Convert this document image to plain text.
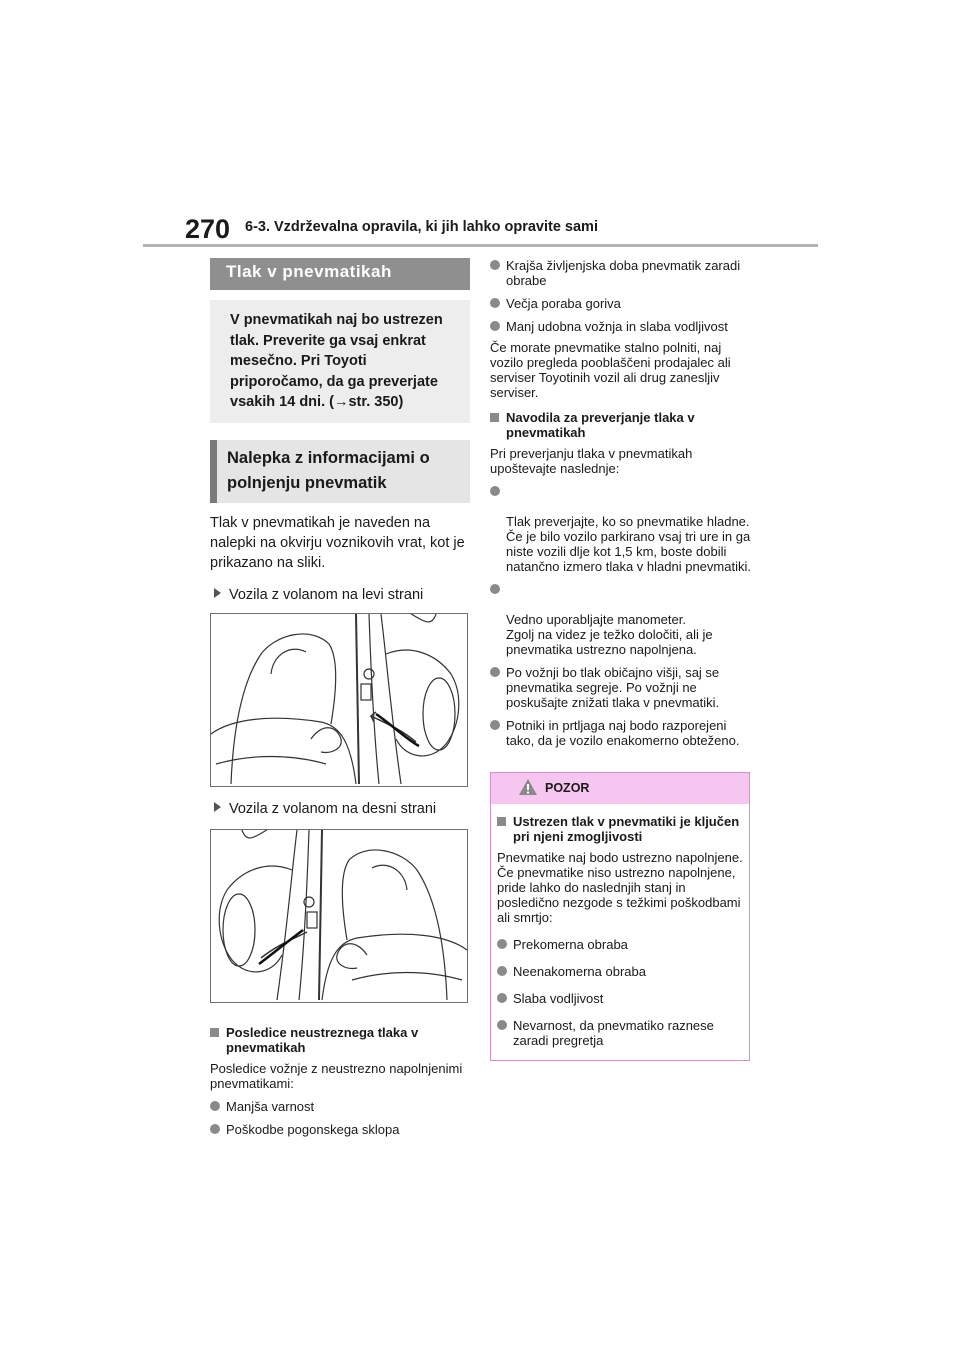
270 6-3. Vzdrževalna opravila, ki jih lahko opravite sami
Tlak v pnevmatikah
V pnevmatikah naj bo ustrezen tlak. Preverite ga vsaj enkrat mesečno. Pri Toyoti priporočamo, da ga preverjate vsakih 14 dni. (→str. 350)
Nalepka z informacijami o polnjenju pnevmatik
Tlak v pnevmatikah je naveden na nalepki na okvirju voznikovih vrat, kot je prikazano na sliki.
Vozila z volanom na levi strani
Vozila z volanom na desni strani
Posledice neustreznega tlaka v pnevmatikah
Posledice vožnje z neustrezno napolnjenimi pnevmatikami:
Manjša varnost
Poškodbe pogonskega sklopa
Krajša življenjska doba pnevmatik zaradi obrabe
Večja poraba goriva
Manj udobna vožnja in slaba vodljivost
Če morate pnevmatike stalno polniti, naj vozilo pregleda pooblaščeni prodajalec ali serviser Toyotinih vozil ali drug zanesljiv serviser.
Navodila za preverjanje tlaka v pnevmatikah
Pri preverjanju tlaka v pnevmatikah upoštevajte naslednje:

Tlak preverjajte, ko so pnevmatike hladne.
Če je bilo vozilo parkirano vsaj tri ure in ga niste vozili dlje kot 1,5 km, boste dobili natančno izmero tlaka v hladni pnevmatiki.

Vedno uporabljajte manometer.
Zgolj na videz je težko določiti, ali je pnevmatika ustrezno napolnjena.

Po vožnji bo tlak običajno višji, saj se pnevmatika segreje. Po vožnji ne poskušajte znižati tlaka v pnevmatiki.
Potniki in prtljaga naj bodo razporejeni tako, da je vozilo enakomerno obteženo.
POZOR
Ustrezen tlak v pnevmatiki je ključen pri njeni zmogljivosti
Pnevmatike naj bodo ustrezno napolnjene.
Če pnevmatike niso ustrezno napolnjene, pride lahko do naslednjih stanj in posledično nezgode s težkimi poškodbami ali smrtjo:
Prekomerna obraba
Neenakomerna obraba
Slaba vodljivost
Nevarnost, da pnevmatiko raznese zaradi pregretja
